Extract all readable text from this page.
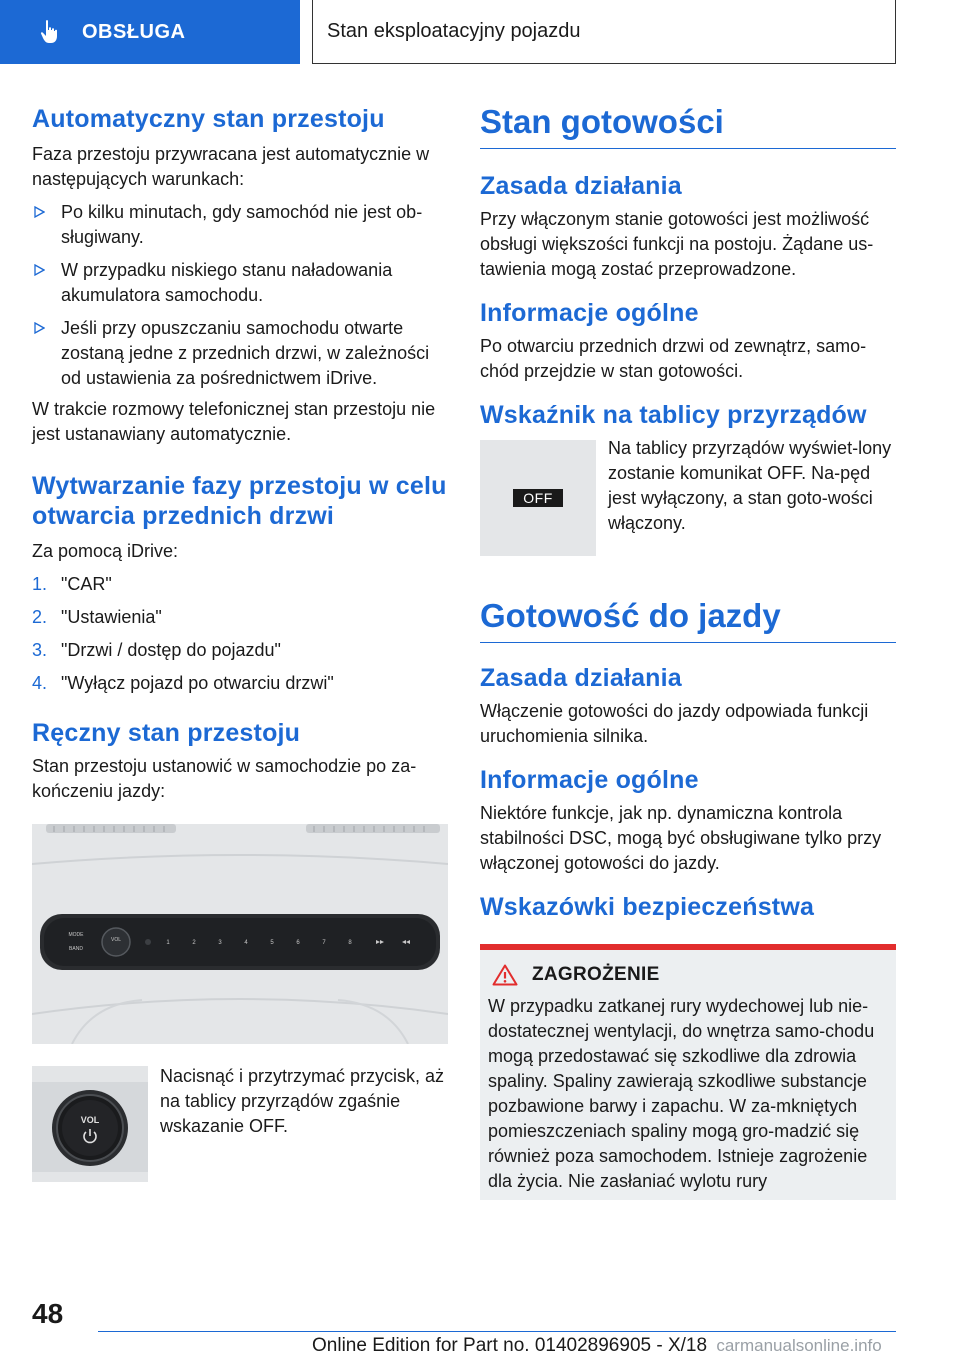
OBSŁUGA	Stan eksploatacyjny pojazdu
Automatyczny stan przestoju

Faza przestoju przywracana jest automatycznie w następujących warunkach:

Po kilku minutach, gdy samochód nie jest ob-sługiwany.
W przypadku niskiego stanu naładowania akumulatora samochodu.
Jeśli przy opuszczaniu samochodu otwarte zostaną jedne z przednich drzwi, w zależności od ustawienia za pośrednictwem iDrive.

W trakcie rozmowy telefonicznej stan przestoju nie jest ustanawiany automatycznie.

Wytwarzanie fazy przestoju w celu otwarcia przednich drzwi

Za pomocą iDrive:

1. "CAR"
2. "Ustawienia"
3. "Drzwi / dostęp do pojazdu"
4. "Wyłącz pojazd po otwarciu drzwi"
Ręczny stan przestoju

Stan przestoju ustanowić w samochodzie po za-kończeniu jazdy:

VOL
MODE
BAND
1	2	3	4	5	6	7	8
VOL

Nacisnąć i przytrzymać przycisk, aż na tablicy przyrządów zgaśnie wskazanie OFF.

Stan gotowości
Zasada działania

Przy włączonym stanie gotowości jest możliwość obsługi większości funkcji na postoju. Żądane us-tawienia mogą zostać przeprowadzone.

Informacje ogólne

Po otwarciu przednich drzwi od zewnątrz, samo-chód przejdzie w stan gotowości.

Wskaźnik na tablicy przyrządów
OFF

Na tablicy przyrządów wyświet-lony zostanie komunikat OFF. Na-pęd jest wyłączony, a stan goto-wości włączony.

Gotowość do jazdy
Zasada działania

Włączenie gotowości do jazdy odpowiada funkcji uruchomienia silnika.

Informacje ogólne

Niektóre funkcje, jak np. dynamiczna kontrola stabilności DSC, mogą być obsługiwane tylko przy włączonej gotowości do jazdy.

Wskazówki bezpieczeństwa
ZAGROŻENIE

W przypadku zatkanej rury wydechowej lub nie-dostatecznej wentylacji, do wnętrza samo-chodu mogą przedostawać się szkodliwe dla zdrowia spaliny. Spaliny zawierają szkodliwe substancje pozbawione barwy i zapachu. W za-mkniętych pomieszczeniach spaliny mogą gro-madzić się również poza samochodem. Istnieje zagrożenie dla życia. Nie zasłaniać wylotu rury

48
Online Edition for Part no. 01402896905 - X/18 carmanualsonline.info
